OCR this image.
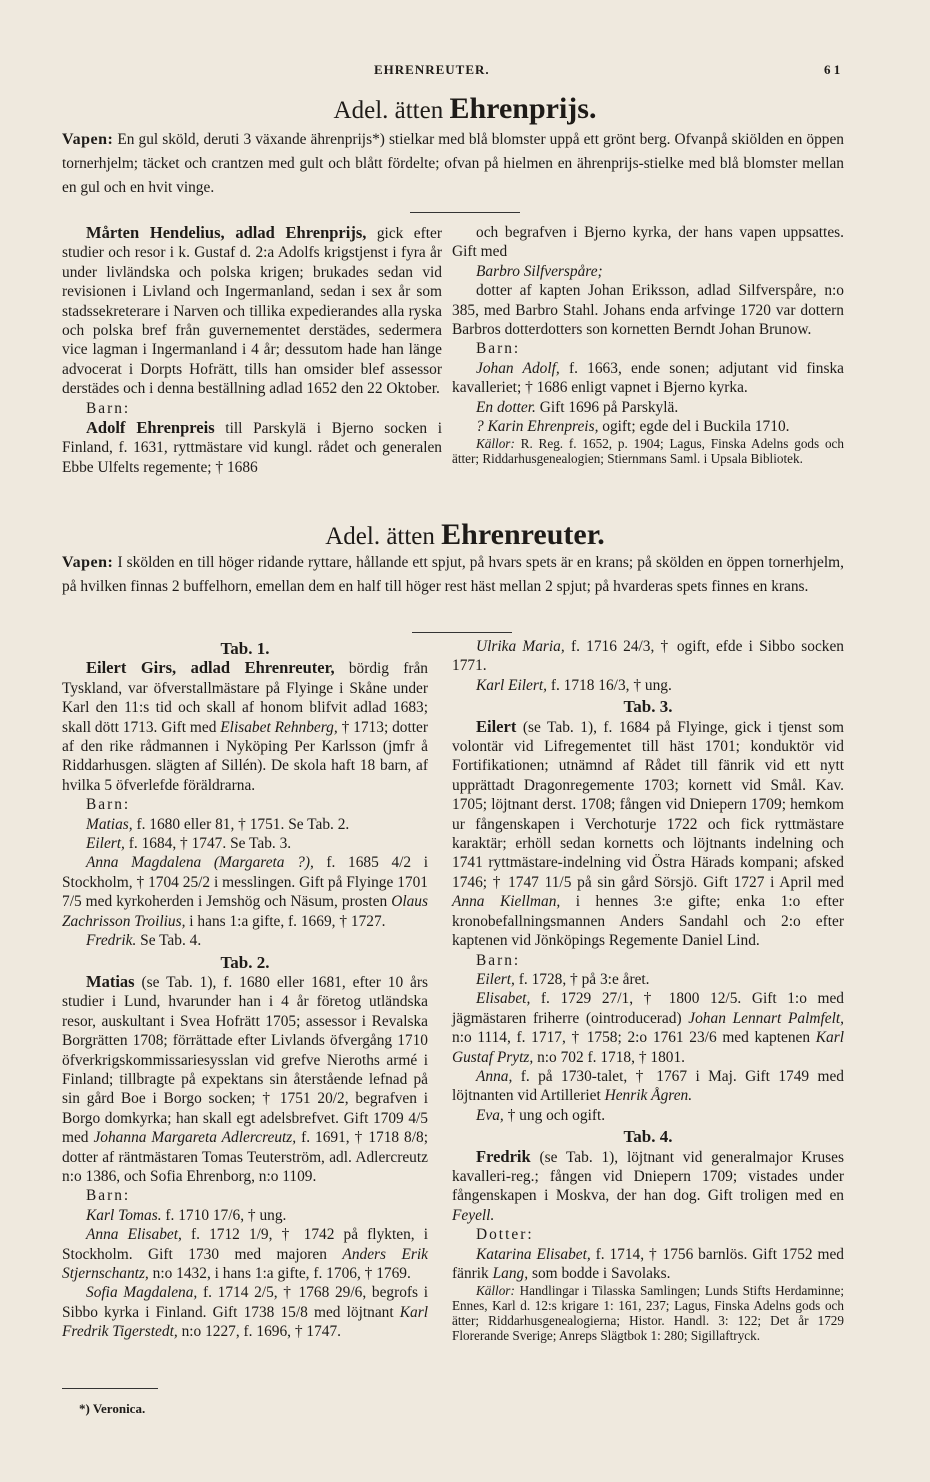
EHRENREUTER.	6 1
Adel. ätten Ehrenprijs.
Vapen: En gul sköld, deruti 3 växande ährenprijs*) stielkar med blå blomster uppå ett grönt berg. Ofvanpå skiölden en öppen tornerhjelm; täcket och crantzen med gult och blått fördelte; ofvan på hielmen en ährenprijs-stielke med blå blomster mellan en gul och en hvit vinge.

Mårten Hendelius, adlad Ehrenprijs, gick efter studier och resor i k. Gustaf d. 2:a Adolfs krigstjenst i fyra år under livländska och polska krigen; brukades sedan vid revisionen i Livland och Ingermanland, sedan i sex år som stadssekreterare i Narven och tillika expedierandes alla ryska och polska bref från guvernementet derstädes, sedermera vice lagman i Ingermanland i 4 år; dessutom hade han länge advocerat i Dorpts Hofrätt, tills han omsider blef assessor derstädes och i denna beställning adlad 1652 den 22 Oktober.

Barn:

Adolf Ehrenpreis till Parskylä i Bjerno socken i Finland, f. 1631, ryttmästare vid kungl. rådet och generalen Ebbe Ulfelts regemente; † 1686

och begrafven i Bjerno kyrka, der hans vapen uppsattes. Gift med

Barbro Silfverspåre;

dotter af kapten Johan Eriksson, adlad Silfverspåre, n:o 385, med Barbro Stahl. Johans enda arfvinge 1720 var dottern Barbros dotterdotters son kornetten Berndt Johan Brunow.

Barn:

Johan Adolf, f. 1663, ende sonen; adjutant vid finska kavalleriet; † 1686 enligt vapnet i Bjerno kyrka.

En dotter. Gift 1696 på Parskylä.

? Karin Ehrenpreis, ogift; egde del i Buckila 1710.

Källor: R. Reg. f. 1652, p. 1904; Lagus, Finska Adelns gods och ätter; Riddarhusgenealogien; Stiernmans Saml. i Upsala Bibliotek.

Adel. ätten Ehrenreuter.
Vapen: I skölden en till höger ridande ryttare, hållande ett spjut, på hvars spets är en krans; på skölden en öppen tornerhjelm, på hvilken finnas 2 buffelhorn, emellan dem en half till höger rest häst mellan 2 spjut; på hvarderas spets finnes en krans.

Tab. 1.

Eilert Girs, adlad Ehrenreuter, bördig från Tyskland, var öfverstallmästare på Flyinge i Skåne under Karl den 11:s tid och skall af honom blifvit adlad 1683; skall dött 1713. Gift med Elisabet Rehnberg, † 1713; dotter af den rike rådmannen i Nyköping Per Karlsson (jmfr å Riddarhusgen. slägten af Sillén). De skola haft 18 barn, af hvilka 5 öfverlefde föräldrarna.

Barn:

Matias, f. 1680 eller 81, † 1751. Se Tab. 2.

Eilert, f. 1684, † 1747. Se Tab. 3.

Anna Magdalena (Margareta ?), f. 1685 4/2 i Stockholm, † 1704 25/2 i messlingen. Gift på Flyinge 1701 7/5 med kyrkoherden i Jemshög och Näsum, prosten Olaus Zachrisson Troilius, i hans 1:a gifte, f. 1669, † 1727.

Fredrik. Se Tab. 4.

Tab. 2.

Matias (se Tab. 1), f. 1680 eller 1681, efter 10 års studier i Lund, hvarunder han i 4 år företog utländska resor, auskultant i Svea Hofrätt 1705; assessor i Revalska Borgrätten 1708; förrättade efter Livlands öfvergång 1710 öfverkrigskommissariesysslan vid grefve Nieroths armé i Finland; tillbragte på expektans sin återstående lefnad på sin gård Boe i Borgo socken; † 1751 20/2, begrafven i Borgo domkyrka; han skall egt adelsbrefvet. Gift 1709 4/5 med Johanna Margareta Adlercreutz, f. 1691, † 1718 8/8; dotter af räntmästaren Tomas Teuterström, adl. Adlercreutz n:o 1386, och Sofia Ehrenborg, n:o 1109.

Barn:

Karl Tomas. f. 1710 17/6, † ung.

Anna Elisabet, f. 1712 1/9, † 1742 på flykten, i Stockholm. Gift 1730 med majoren Anders Erik Stjernschantz, n:o 1432, i hans 1:a gifte, f. 1706, † 1769.

Sofia Magdalena, f. 1714 2/5, † 1768 29/6, begrofs i Sibbo kyrka i Finland. Gift 1738 15/8 med löjtnant Karl Fredrik Tigerstedt, n:o 1227, f. 1696, † 1747.

Ulrika Maria, f. 1716 24/3, † ogift, efde i Sibbo socken 1771.

Karl Eilert, f. 1718 16/3, † ung.

Tab. 3.

Eilert (se Tab. 1), f. 1684 på Flyinge, gick i tjenst som volontär vid Lifregementet till häst 1701; konduktör vid Fortifikationen; utnämnd af Rådet till fänrik vid ett nytt upprättadt Dragonregemente 1703; kornett vid Smål. Kav. 1705; löjtnant derst. 1708; fången vid Dniepern 1709; hemkom ur fångenskapen i Verchoturje 1722 och fick ryttmästare karaktär; erhöll sedan kornetts och löjtnants indelning och 1741 ryttmästare-indelning vid Östra Härads kompani; afsked 1746; † 1747 11/5 på sin gård Sörsjö. Gift 1727 i April med Anna Kiellman, i hennes 3:e gifte; enka 1:o efter kronobefallningsmannen Anders Sandahl och 2:o efter kaptenen vid Jönköpings Regemente Daniel Lind.

Barn:

Eilert, f. 1728, † på 3:e året.

Elisabet, f. 1729 27/1, † 1800 12/5. Gift 1:o med jägmästaren friherre (ointroducerad) Johan Lennart Palmfelt, n:o 1114, f. 1717, † 1758; 2:o 1761 23/6 med kaptenen Karl Gustaf Prytz, n:o 702 f. 1718, † 1801.

Anna, f. på 1730-talet, † 1767 i Maj. Gift 1749 med löjtnanten vid Artilleriet Henrik Ågren.

Eva, † ung och ogift.

Tab. 4.

Fredrik (se Tab. 1), löjtnant vid generalmajor Kruses kavalleri-reg.; fången vid Dniepern 1709; vistades under fångenskapen i Moskva, der han dog. Gift troligen med en Feyell.

Dotter:

Katarina Elisabet, f. 1714, † 1756 barnlös. Gift 1752 med fänrik Lang, som bodde i Savolaks.

Källor: Handlingar i Tilasska Samlingen; Lunds Stifts Herdaminne; Ennes, Karl d. 12:s krigare 1: 161, 237; Lagus, Finska Adelns gods och ätter; Riddarhusgenealogierna; Histor. Handl. 3: 122; Det år 1729 Florerande Sverige; Anreps Slägtbok 1: 280; Sigillaftryck.

*) Veronica.
